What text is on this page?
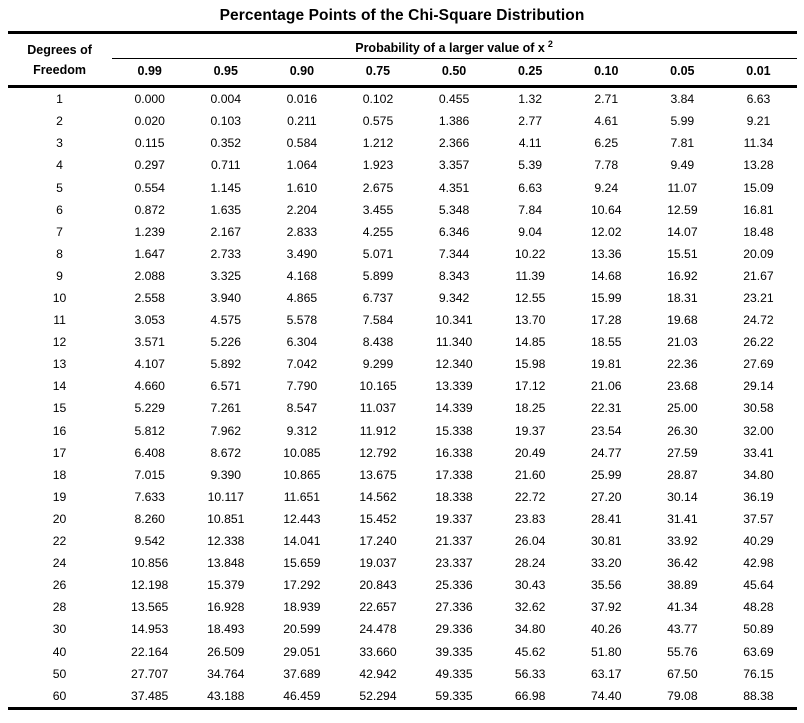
Percentage Points of the Chi-Square Distribution
Degrees of
Freedom	Probability of a larger value of x $^2$
	0.99	0.95	0.90	0.75	0.50	0.25	0.10	0.05	0.01
1	0.000	0.004	0.016	0.102	0.455	1.32	2.71	3.84	6.63
2	0.020	0.103	0.211	0.575	1.386	2.77	4.61	5.99	9.21
3	0.115	0.352	0.584	1.212	2.366	4.11	6.25	7.81	11.34
4	0.297	0.711	1.064	1.923	3.357	5.39	7.78	9.49	13.28
5	0.554	1.145	1.610	2.675	4.351	6.63	9.24	11.07	15.09
6	0.872	1.635	2.204	3.455	5.348	7.84	10.64	12.59	16.81
7	1.239	2.167	2.833	4.255	6.346	9.04	12.02	14.07	18.48
8	1.647	2.733	3.490	5.071	7.344	10.22	13.36	15.51	20.09
9	2.088	3.325	4.168	5.899	8.343	11.39	14.68	16.92	21.67
10	2.558	3.940	4.865	6.737	9.342	12.55	15.99	18.31	23.21
11	3.053	4.575	5.578	7.584	10.341	13.70	17.28	19.68	24.72
12	3.571	5.226	6.304	8.438	11.340	14.85	18.55	21.03	26.22
13	4.107	5.892	7.042	9.299	12.340	15.98	19.81	22.36	27.69
14	4.660	6.571	7.790	10.165	13.339	17.12	21.06	23.68	29.14
15	5.229	7.261	8.547	11.037	14.339	18.25	22.31	25.00	30.58
16	5.812	7.962	9.312	11.912	15.338	19.37	23.54	26.30	32.00
17	6.408	8.672	10.085	12.792	16.338	20.49	24.77	27.59	33.41
18	7.015	9.390	10.865	13.675	17.338	21.60	25.99	28.87	34.80
19	7.633	10.117	11.651	14.562	18.338	22.72	27.20	30.14	36.19
20	8.260	10.851	12.443	15.452	19.337	23.83	28.41	31.41	37.57
22	9.542	12.338	14.041	17.240	21.337	26.04	30.81	33.92	40.29
24	10.856	13.848	15.659	19.037	23.337	28.24	33.20	36.42	42.98
26	12.198	15.379	17.292	20.843	25.336	30.43	35.56	38.89	45.64
28	13.565	16.928	18.939	22.657	27.336	32.62	37.92	41.34	48.28
30	14.953	18.493	20.599	24.478	29.336	34.80	40.26	43.77	50.89
40	22.164	26.509	29.051	33.660	39.335	45.62	51.80	55.76	63.69
50	27.707	34.764	37.689	42.942	49.335	56.33	63.17	67.50	76.15
60	37.485	43.188	46.459	52.294	59.335	66.98	74.40	79.08	88.38
